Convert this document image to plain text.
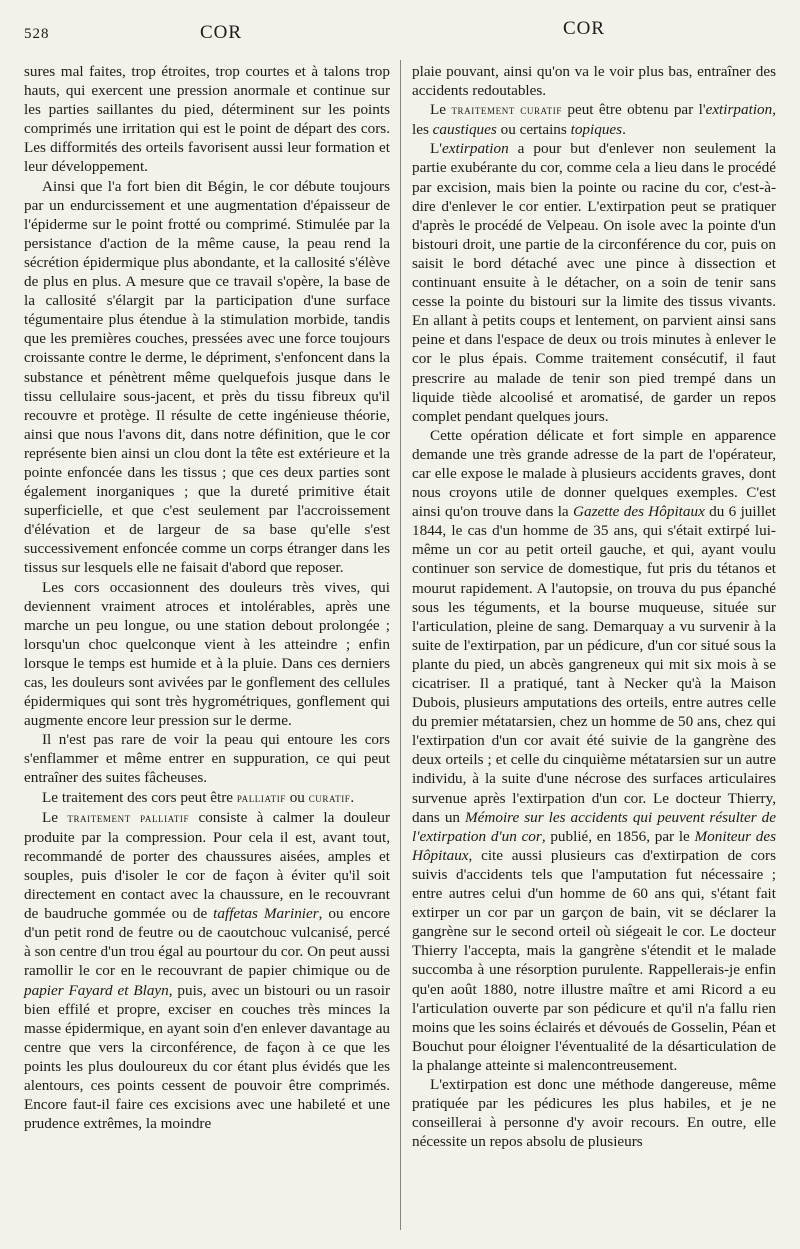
528	COR	COR

sures mal faites, trop étroites, trop courtes et à talons trop hauts, qui exercent une pression anormale et continue sur les parties saillantes du pied, déterminent sur les points comprimés une irritation qui est le point de départ des cors. Les difformités des orteils favorisent aussi leur formation et leur développement.

Ainsi que l'a fort bien dit Bégin, le cor débute toujours par un endurcissement et une augmentation d'épaisseur de l'épiderme sur le point frotté ou comprimé. Stimulée par la persistance d'action de la même cause, la peau rend la sécrétion épidermique plus abondante, et la callosité s'élève de plus en plus. A mesure que ce travail s'opère, la base de la callosité s'élargit par la participation d'une surface tégumentaire plus étendue à la stimulation morbide, tandis que les premières couches, pressées avec une force toujours croissante contre le derme, le dépriment, s'enfoncent dans la substance et pénètrent même quelquefois jusque dans le tissu cellulaire sous-jacent, et près du tissu fibreux qu'il recouvre et protège. Il résulte de cette ingénieuse théorie, ainsi que nous l'avons dit, dans notre définition, que le cor représente bien ainsi un clou dont la tête est extérieure et la pointe enfoncée dans les tissus ; que ces deux parties sont également inorganiques ; que la dureté primitive était superficielle, et que c'est seulement par l'accroissement d'élévation et de largeur de sa base qu'elle s'est successivement enfoncée comme un corps étranger dans les tissus sur lesquels elle ne faisait d'abord que reposer.

Les cors occasionnent des douleurs très vives, qui deviennent vraiment atroces et intolérables, après une marche un peu longue, ou une station debout prolongée ; lorsqu'un choc quelconque vient à les atteindre ; enfin lorsque le temps est humide et à la pluie. Dans ces derniers cas, les douleurs sont avivées par le gonflement des cellules épidermiques qui sont très hygrométriques, gonflement qui augmente encore leur pression sur le derme.

Il n'est pas rare de voir la peau qui entoure les cors s'enflammer et même entrer en suppuration, ce qui peut entraîner des suites fâcheuses.

Le traitement des cors peut être palliatif ou curatif.

Le traitement palliatif consiste à calmer la douleur produite par la compression. Pour cela il est, avant tout, recommandé de porter des chaussures aisées, amples et souples, puis d'isoler le cor de façon à éviter qu'il soit directement en contact avec la chaussure, en le recouvrant de baudruche gommée ou de taffetas Marinier, ou encore d'un petit rond de feutre ou de caoutchouc vulcanisé, percé à son centre d'un trou égal au pourtour du cor. On peut aussi ramollir le cor en le recouvrant de papier chimique ou de papier Fayard et Blayn, puis, avec un bistouri ou un rasoir bien effilé et propre, exciser en couches très minces la masse épidermique, en ayant soin d'en enlever davantage au centre que vers la circonférence, de façon à ce que les points les plus douloureux du cor étant plus évidés que les alentours, ces points cessent de pouvoir être comprimés. Encore faut-il faire ces excisions avec une habileté et une prudence extrêmes, la moindre

plaie pouvant, ainsi qu'on va le voir plus bas, entraîner des accidents redoutables.

Le traitement curatif peut être obtenu par l'extirpation, les caustiques ou certains topiques.

L'extirpation a pour but d'enlever non seulement la partie exubérante du cor, comme cela a lieu dans le procédé par excision, mais bien la pointe ou racine du cor, c'est-à-dire d'enlever le cor entier. L'extirpation peut se pratiquer d'après le procédé de Velpeau. On isole avec la pointe d'un bistouri droit, une partie de la circonférence du cor, puis on saisit le bord détaché avec une pince à dissection et continuant ensuite à le détacher, on a soin de tenir sans cesse la pointe du bistouri sur la limite des tissus vivants. En allant à petits coups et lentement, on parvient ainsi sans peine et dans l'espace de deux ou trois minutes à enlever le cor le plus épais. Comme traitement consécutif, il faut prescrire au malade de tenir son pied trempé dans un liquide tiède alcoolisé et aromatisé, de garder un repos complet pendant quelques jours.

Cette opération délicate et fort simple en apparence demande une très grande adresse de la part de l'opérateur, car elle expose le malade à plusieurs accidents graves, dont nous croyons utile de donner quelques exemples. C'est ainsi qu'on trouve dans la Gazette des Hôpitaux du 6 juillet 1844, le cas d'un homme de 35 ans, qui s'était extirpé lui-même un cor au petit orteil gauche, et qui, ayant voulu continuer son service de domestique, fut pris du tétanos et mourut rapidement. A l'autopsie, on trouva du pus épanché sous les téguments, et la bourse muqueuse, située sur l'articulation, pleine de sang. Demarquay a vu survenir à la suite de l'extirpation, par un pédicure, d'un cor situé sous la plante du pied, un abcès gangreneux qui mit six mois à se cicatriser. Il a pratiqué, tant à Necker qu'à la Maison Dubois, plusieurs amputations des orteils, entre autres celle du premier métatarsien, chez un homme de 50 ans, chez qui l'extirpation d'un cor avait été suivie de la gangrène des deux orteils ; et celle du cinquième métatarsien sur un autre individu, à la suite d'une nécrose des surfaces articulaires survenue après l'extirpation d'un cor. Le docteur Thierry, dans un Mémoire sur les accidents qui peuvent résulter de l'extirpation d'un cor, publié, en 1856, par le Moniteur des Hôpitaux, cite aussi plusieurs cas d'extirpation de cors suivis d'accidents tels que l'amputation fut nécessaire ; entre autres celui d'un homme de 60 ans qui, s'étant fait extirper un cor par un garçon de bain, vit se déclarer la gangrène sur le second orteil où siégeait le cor. Le docteur Thierry l'accepta, mais la gangrène s'étendit et le malade succomba à une résorption purulente. Rappellerais-je enfin qu'en août 1880, notre illustre maître et ami Ricord a eu l'articulation ouverte par son pédicure et qu'il n'a fallu rien moins que les soins éclairés et dévoués de Gosselin, Péan et Bouchut pour éloigner l'éventualité de la désarticulation de la phalange atteinte si malencontreusement.

L'extirpation est donc une méthode dangereuse, même pratiquée par les pédicures les plus habiles, et je ne conseillerai à personne d'y avoir recours. En outre, elle nécessite un repos absolu de plusieurs
